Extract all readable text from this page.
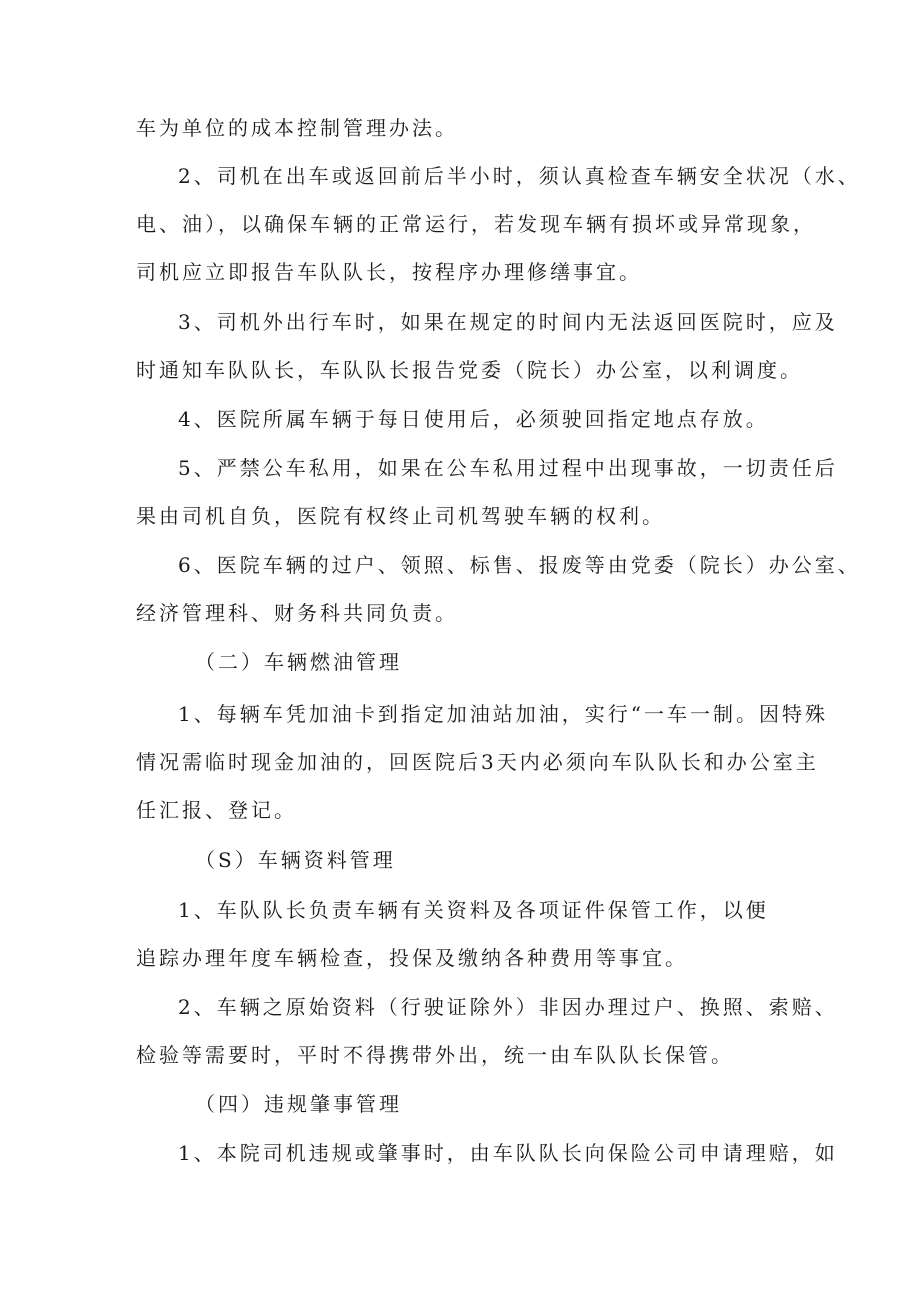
车为单位的成本控制管理办法。
2、司机在出车或返回前后半小时，须认真检查车辆安全状况（水、
电、油），以确保车辆的正常运行，若发现车辆有损坏或异常现象，
司机应立即报告车队队长，按程序办理修缮事宜。
3、司机外出行车时，如果在规定的时间内无法返回医院时，应及
时通知车队队长，车队队长报告党委（院长）办公室，以利调度。
4、医院所属车辆于每日使用后，必须驶回指定地点存放。
5、严禁公车私用，如果在公车私用过程中出现事故，一切责任后
果由司机自负，医院有权终止司机驾驶车辆的权利。
6、医院车辆的过户、领照、标售、报废等由党委（院长）办公室、
经济管理科、财务科共同负责。
（二）车辆燃油管理
1、每辆车凭加油卡到指定加油站加油，实行“一车一制。因特殊
情况需临时现金加油的，回医院后3天内必须向车队队长和办公室主
任汇报、登记。
（S）车辆资料管理
1、车队队长负责车辆有关资料及各项证件保管工作，以便
追踪办理年度车辆检查，投保及缴纳各种费用等事宜。
2、车辆之原始资料（行驶证除外）非因办理过户、换照、索赔、
检验等需要时，平时不得携带外出，统一由车队队长保管。
（四）违规肇事管理
1、本院司机违规或肇事时，由车队队长向保险公司申请理赔，如
